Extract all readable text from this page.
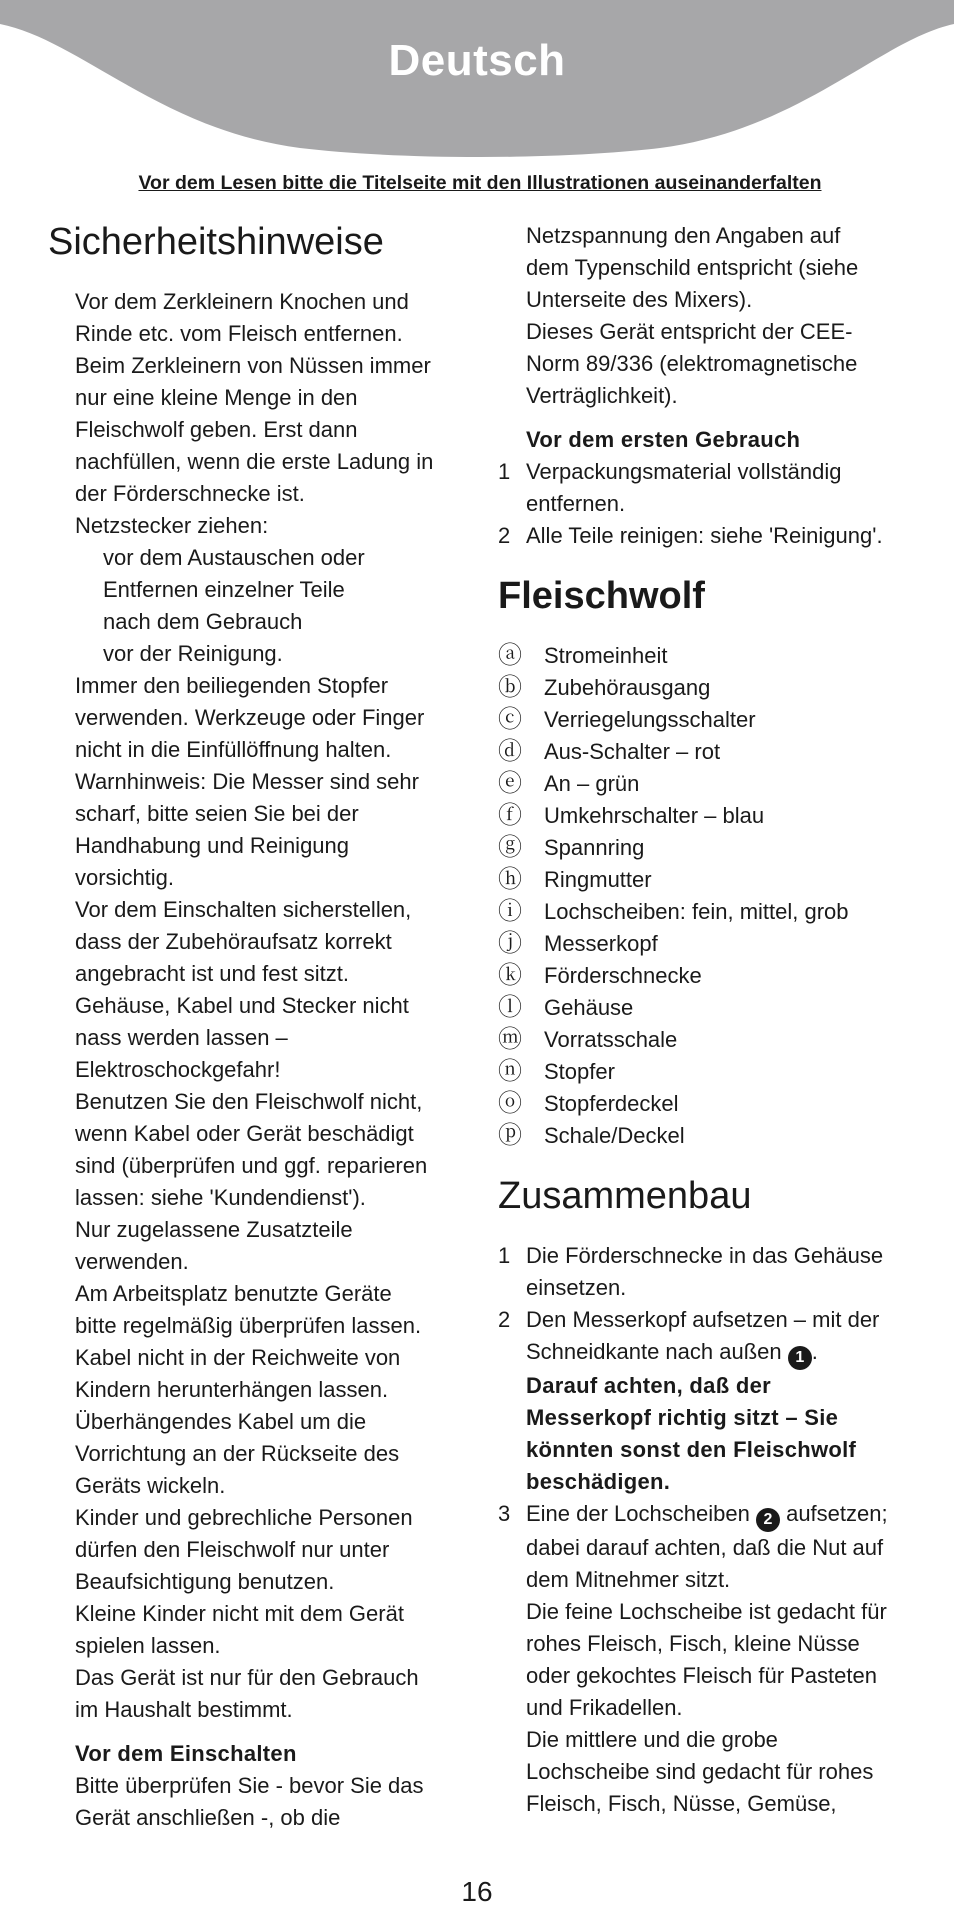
Deutsch
Vor dem Lesen bitte die Titelseite mit den Illustrationen auseinanderfalten
Sicherheitshinweise

Vor dem Zerkleinern Knochen und

Rinde etc. vom Fleisch entfernen.

Beim Zerkleinern von Nüssen immer

nur eine kleine Menge in den

Fleischwolf geben. Erst dann

nachfüllen, wenn die erste Ladung in

der Förderschnecke ist.

Netzstecker ziehen:

vor dem Austauschen oder

Entfernen einzelner Teile

nach dem Gebrauch

vor der Reinigung.

Immer den beiliegenden Stopfer

verwenden. Werkzeuge oder Finger

nicht in die Einfüllöffnung halten.

Warnhinweis: Die Messer sind sehr

scharf, bitte seien Sie bei der

Handhabung und Reinigung

vorsichtig.

Vor dem Einschalten sicherstellen,

dass der Zubehöraufsatz korrekt

angebracht ist und fest sitzt.

Gehäuse, Kabel und Stecker nicht

nass werden lassen –

Elektroschockgefahr!

Benutzen Sie den Fleischwolf nicht,

wenn Kabel oder Gerät beschädigt

sind (überprüfen und ggf. reparieren

lassen: siehe 'Kundendienst').

Nur zugelassene Zusatzteile

verwenden.

Am Arbeitsplatz benutzte Geräte

bitte regelmäßig überprüfen lassen.

Kabel nicht in der Reichweite von

Kindern herunterhängen lassen.

Überhängendes Kabel um die

Vorrichtung an der Rückseite des

Geräts wickeln.

Kinder und gebrechliche Personen

dürfen den Fleischwolf nur unter

Beaufsichtigung benutzen.

Kleine Kinder nicht mit dem Gerät

spielen lassen.

Das Gerät ist nur für den Gebrauch

im Haushalt bestimmt.

Vor dem Einschalten

Bitte überprüfen Sie - bevor Sie das

Gerät anschließen -, ob die

Netzspannung den Angaben auf

dem Typenschild entspricht (siehe

Unterseite des Mixers).

Dieses Gerät entspricht der CEE-

Norm 89/336 (elektromagnetische

Verträglichkeit).

Vor dem ersten Gebrauch
1 Verpackungsmaterial vollständig
entfernen.
2 Alle Teile reinigen: siehe 'Reinigung'.
Fleischwolf
ⓐ	Stromeinheit
ⓑ	Zubehörausgang
ⓒ	Verriegelungsschalter
ⓓ	Aus-Schalter – rot
ⓔ	An – grün
ⓕ	Umkehrschalter – blau
ⓖ	Spannring
ⓗ	Ringmutter
ⓘ	Lochscheiben: fein, mittel, grob
ⓙ	Messerkopf
ⓚ	Förderschnecke
ⓛ	Gehäuse
ⓜ	Vorratsschale
ⓝ	Stopfer
ⓞ	Stopferdeckel
ⓟ	Schale/Deckel
Zusammenbau
1 Die Förderschnecke in das Gehäuse
einsetzen.
2 Den Messerkopf aufsetzen – mit der
Schneidkante nach außen 1 .
Darauf achten, daß der
Messerkopf richtig sitzt – Sie
könnten sonst den Fleischwolf
beschädigen.
3 Eine der Lochscheiben 2 aufsetzen;
dabei darauf achten, daß die Nut auf
dem Mitnehmer sitzt.
Die feine Lochscheibe ist gedacht für
rohes Fleisch, Fisch, kleine Nüsse
oder gekochtes Fleisch für Pasteten
und Frikadellen.
Die mittlere und die grobe
Lochscheibe sind gedacht für rohes
Fleisch, Fisch, Nüsse, Gemüse,
16
